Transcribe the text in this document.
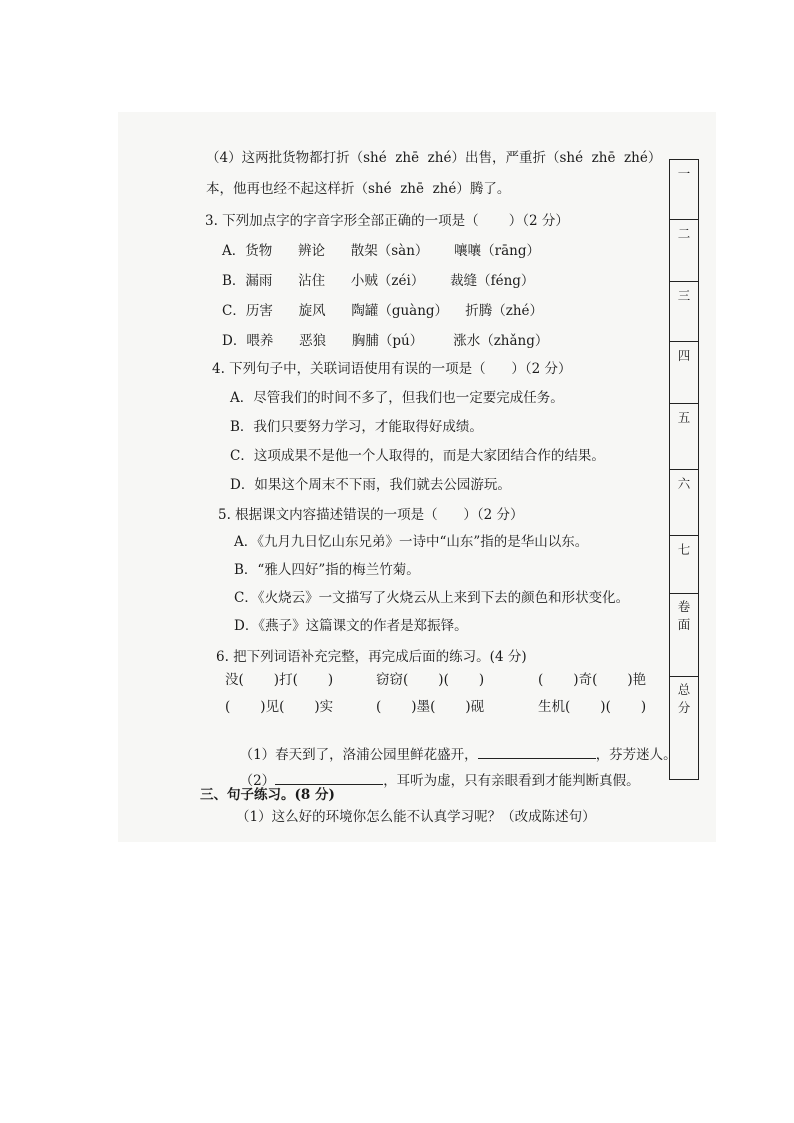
（4）这两批货物都打折（shé  zhē  zhé）出售，严重折（shé  zhē  zhé）
本，他再也经不起这样折（shé  zhē  zhé）腾了。
3. 下列加点字的字音字形全部正确的一项是（       ）（2 分）
A．货物      辨论      散架（sàn）      嚷嚷（rāng）
B．漏雨      沾住      小贼（zéi）      裁缝（féng）
C．历害      旋风      陶罐（guàng）    折腾（zhé）
D．喂养      恶狼      胸脯（pú）       涨水（zhǎng）
4. 下列句子中，关联词语使用有误的一项是（      ）（2 分）
A．尽管我们的时间不多了，但我们也一定要完成任务。
B．我们只要努力学习，才能取得好成绩。
C．这项成果不是他一个人取得的，而是大家团结合作的结果。
D．如果这个周末不下雨，我们就去公园游玩。
5. 根据课文内容描述错误的一项是（      ）（2 分）
A．《九月九日忆山东兄弟》一诗中“山东”指的是华山以东。
B．“雅人四好”指的梅兰竹菊。
C．《火烧云》一文描写了火烧云从上来到下去的颜色和形状变化。
D．《燕子》这篇课文的作者是郑振铎。
6. 把下列词语补充完整，再完成后面的练习。(4 分)
没(       )打(       )	窃窃(       )(       )	(       )奇(       )艳
(       )见(       )实	(       )墨(       )砚	生机(       )(       )

（1）春天到了，洛浦公园里鲜花盛开，	，芬芳迷人。

（2）	，耳听为虚，只有亲眼看到才能判断真假。

三、句子练习。(8 分)
（1）这么好的环境你怎么能不认真学习呢？（改成陈述句）
一
二
三
四
五
六
七
卷面
总分
